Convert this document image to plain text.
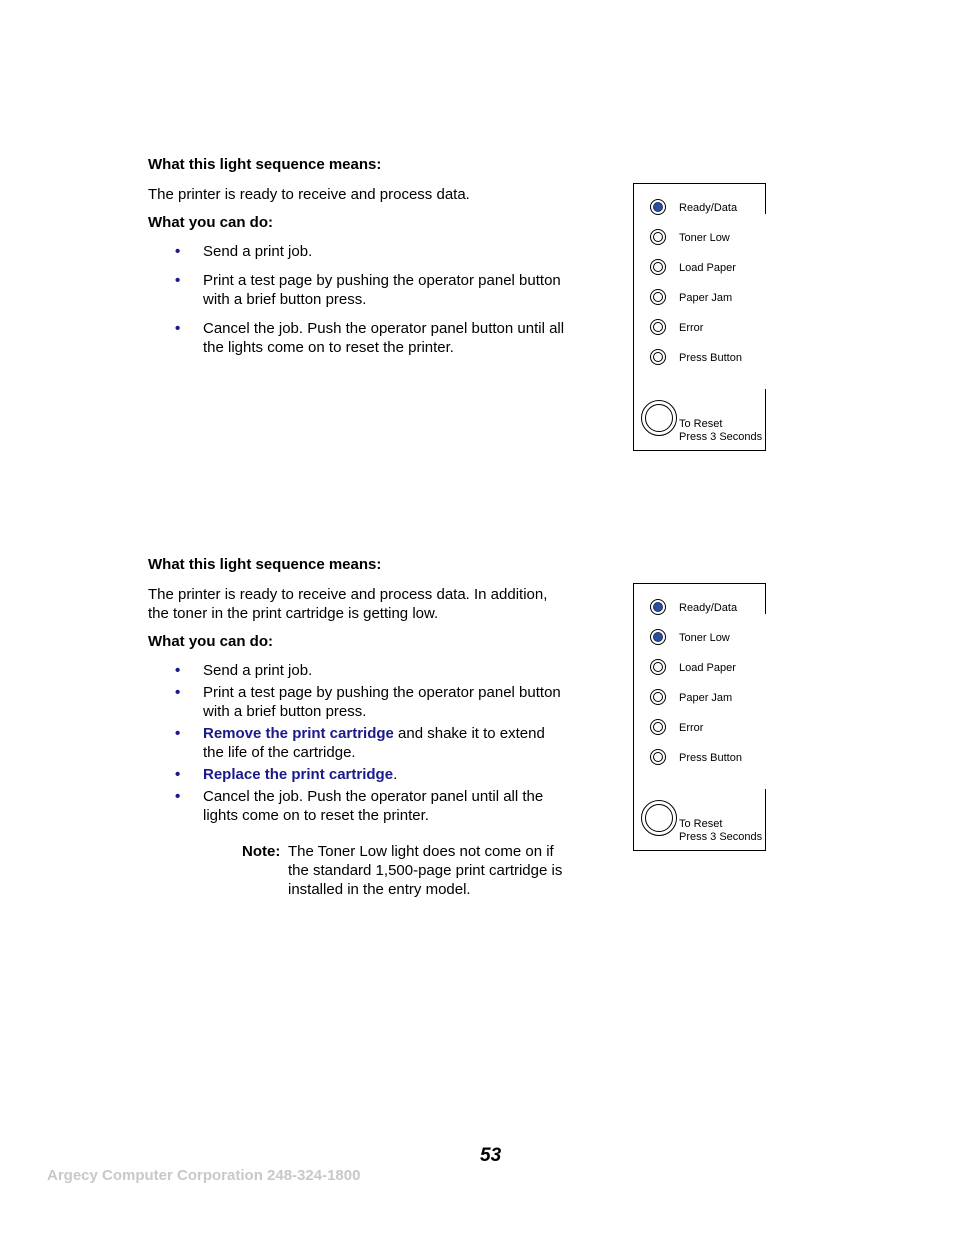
What this light sequence means:

The printer is ready to receive and process data.

What you can do:

• Send a print job.
• Print a test page by pushing the operator panel button with a brief button press.
• Cancel the job. Push the operator panel button until all the lights come on to reset the printer.
Ready/Data
Toner Low
Load Paper
Paper Jam
Error
Press Button
To Reset
Press 3 Seconds

What this light sequence means:

The printer is ready to receive and process data. In addition, the toner in the print cartridge is getting low.

What you can do:

• Send a print job.
• Print a test page by pushing the operator panel button with a brief button press.
• Remove the print cartridge and shake it to extend the life of the cartridge.
• Replace the print cartridge.
• Cancel the job. Push the operator panel until all the lights come on to reset the printer.
Note: The Toner Low light does not come on if the standard 1,500-page print cartridge is installed in the entry model.
Ready/Data
Toner Low
Load Paper
Paper Jam
Error
Press Button
To Reset
Press 3 Seconds
53
Argecy Computer Corporation 248-324-1800
